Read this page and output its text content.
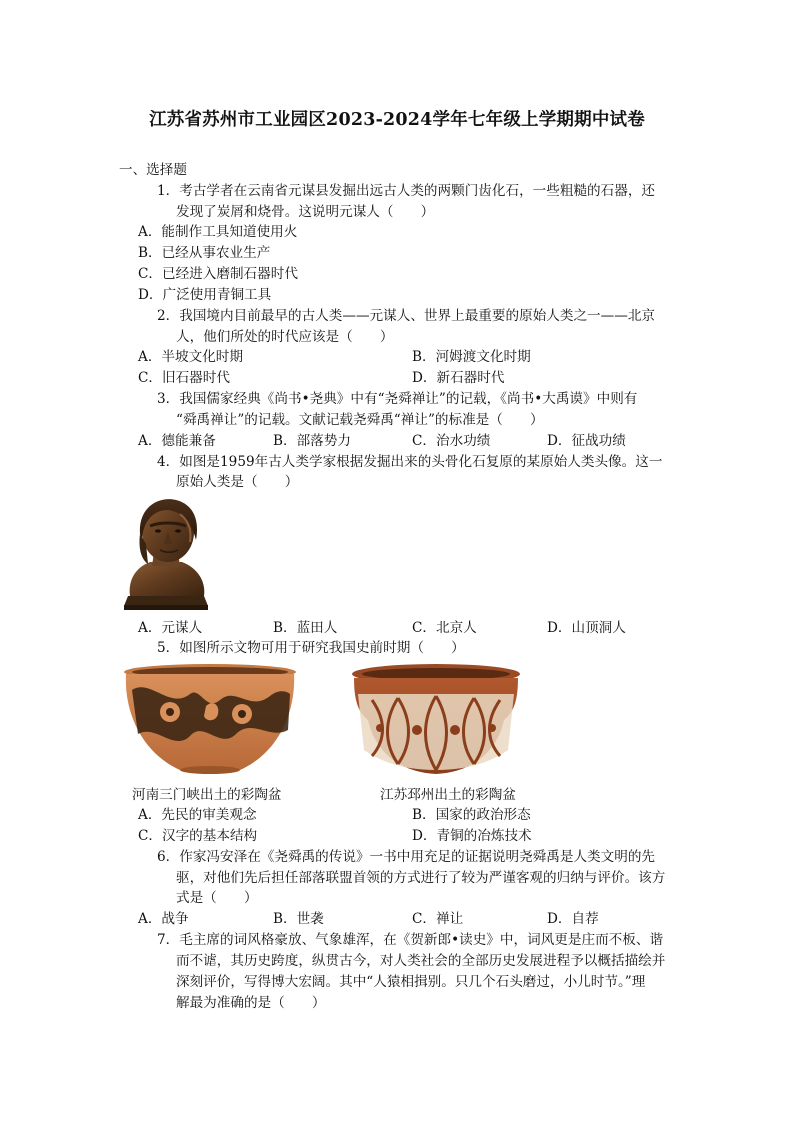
江苏省苏州市工业园区2023-2024学年七年级上学期期中试卷
一、选择题
1．考古学者在云南省元谋县发掘出远古人类的两颗门齿化石，一些粗糙的石器，还
发现了炭屑和烧骨。这说明元谋人（　　）
A．能制作工具知道使用火
B．已经从事农业生产
C．已经进入磨制石器时代
D．广泛使用青铜工具
2．我国境内目前最早的古人类——元谋人、世界上最重要的原始人类之一——北京
人，他们所处的时代应该是（　　）
A．半坡文化时期	B．河姆渡文化时期
C．旧石器时代	D．新石器时代
3．我国儒家经典《尚书•尧典》中有“尧舜禅让”的记载，《尚书•大禹谟》中则有
“舜禹禅让”的记载。文献记载尧舜禹“禅让”的标准是（　　）
A．德能兼备	B．部落势力	C．治水功绩	D．征战功绩
4．如图是1959年古人类学家根据发掘出来的头骨化石复原的某原始人类头像。这一
原始人类是（　　）
A．元谋人	B．蓝田人	C．北京人	D．山顶洞人
5．如图所示文物可用于研究我国史前时期（　　）
河南三门峡出土的彩陶盆	江苏邳州出土的彩陶盆
A．先民的审美观念	B．国家的政治形态
C．汉字的基本结构	D．青铜的冶炼技术
6．作家冯安泽在《尧舜禹的传说》一书中用充足的证据说明尧舜禹是人类文明的先
驱，对他们先后担任部落联盟首领的方式进行了较为严谨客观的归纳与评价。该方
式是（　　）
A．战争	B．世袭	C．禅让	D．自荐
7．毛主席的词风格豪放、气象雄浑，在《贺新郎•读史》中，词风更是庄而不板、谐
而不谑，其历史跨度，纵贯古今，对人类社会的全部历史发展进程予以概括描绘并
深刻评价，写得博大宏阔。其中“人猿相揖别。只几个石头磨过，小儿时节。”理
解最为准确的是（　　）
